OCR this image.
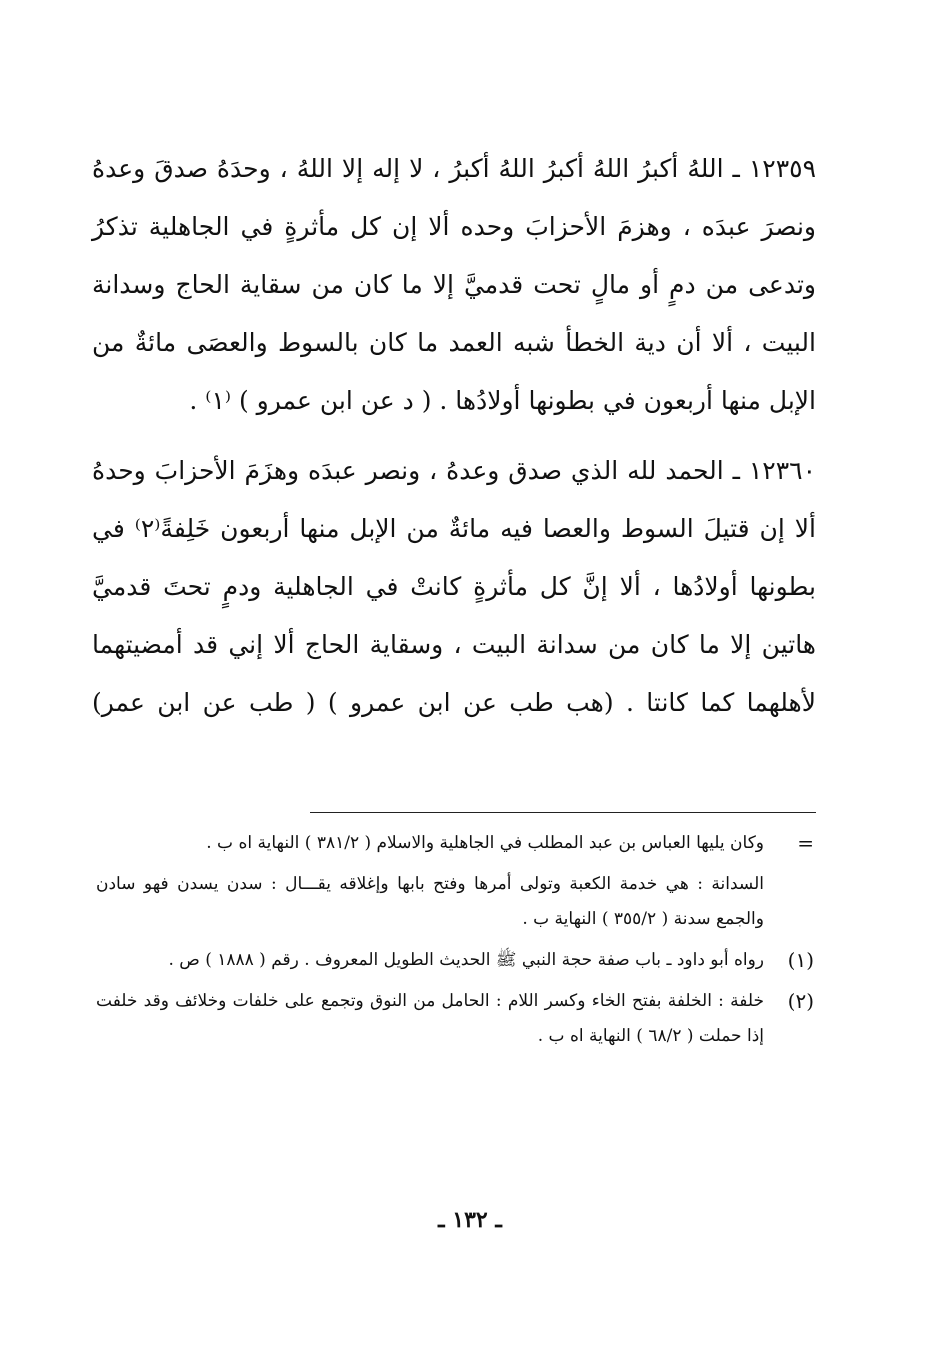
١٢٣٥٩ ـ اللهُ أكبرُ اللهُ أكبرُ اللهُ أكبرُ ، لا إله إلا اللهُ ، وحدَهُ صدقَ وعدهُ ونصرَ عبدَه ، وهزمَ الأحزابَ وحده ألا إن كل مأثرةٍ في الجاهلية تذكرُ وتدعى من دمٍ أو مالٍ تحت قدميَّ إلا ما كان من سقاية الحاج وسدانة البيت ، ألا أن دية الخطأ شبه العمد ما كان بالسوط والعصَى مائةٌ من الإبل منها أربعون في بطونها أولادُها . ( د عن ابن عمرو ) ⁽١⁾ .

١٢٣٦٠ ـ الحمد لله الذي صدق وعدهُ ، ونصر عبدَه وهزَمَ الأحزابَ وحدهُ ألا إن قتيلَ السوط والعصا فيه مائةٌ من الإبل منها أربعون خَلِفةً⁽٢⁾ في بطونها أولادُها ، ألا إنَّ كل مأثرةٍ كانتْ في الجاهلية ودمٍ تحتَ قدميَّ هاتين إلا ما كان من سدانة البيت ، وسقاية الحاج ألا إني قد أمضيتهما لأهلهما كما كانتا . (هب طب عن ابن عمرو ) ( طب عن ابن عمر)

=
وكان يليها العباس بن عبد المطلب في الجاهلية والاسلام ( ٣٨١/٢ ) النهاية اه ب .
السدانة : هي خدمة الكعبة وتولى أمرها وفتح بابها وإغلاقه يقـــال : سدن يسدن فهو سادن والجمع سدنة ( ٣٥٥/٢ ) النهاية ب .
(١)
رواه أبو داود ـ باب صفة حجة النبي ﷺ الحديث الطويل المعروف . رقم ( ١٨٨٨ ) ص .
(٢)
خلفة : الخلفة بفتح الخاء وكسر اللام : الحامل من النوق وتجمع على خلفات وخلائف وقد خلفت إذا حملت ( ٦٨/٢ ) النهاية اه ب .
ـ ١٣٢ ـ
